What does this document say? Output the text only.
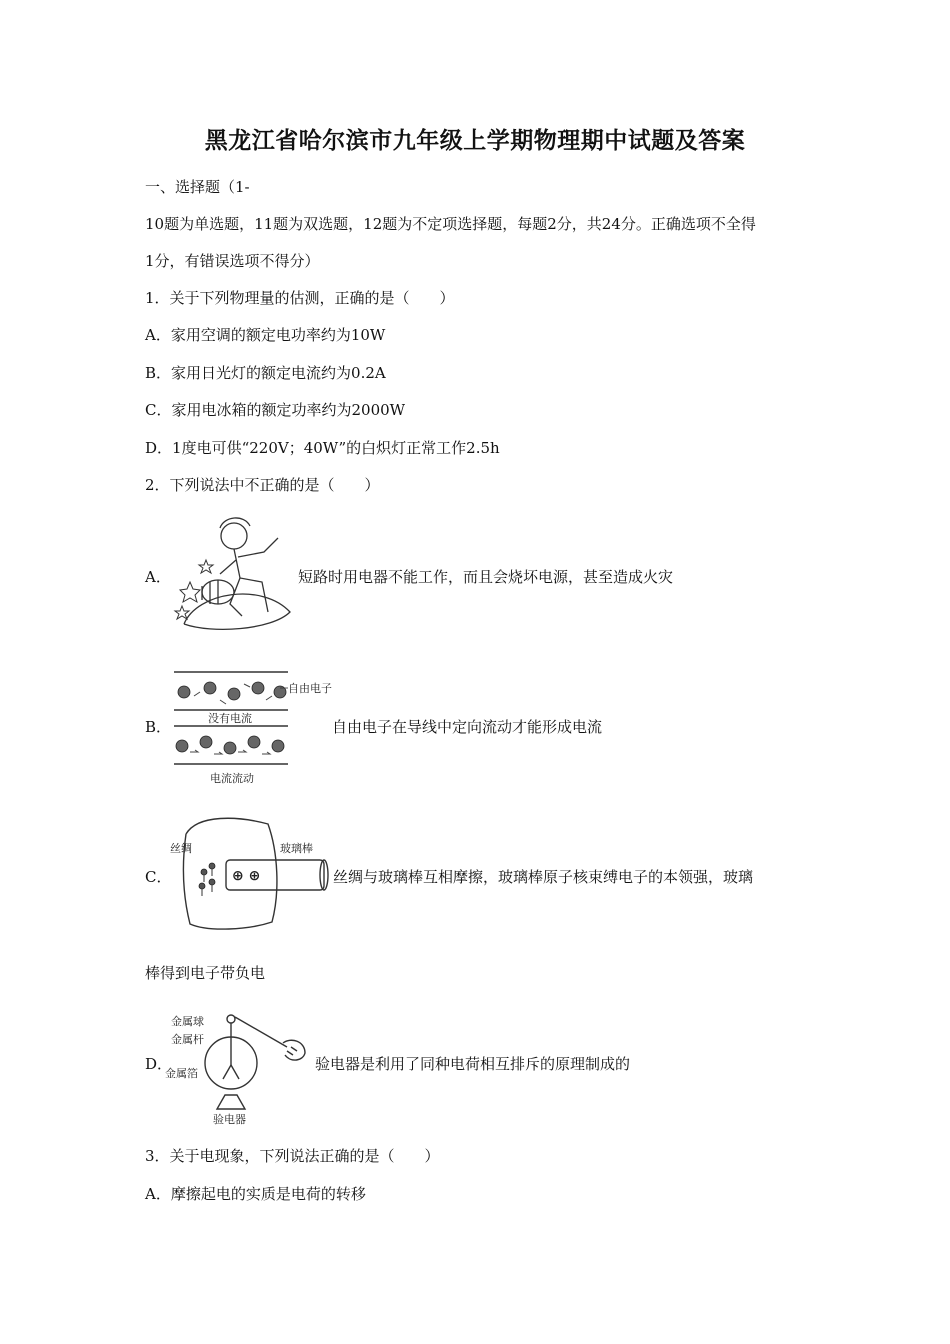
黑龙江省哈尔滨市九年级上学期物理期中试题及答案
一、选择题（1-
10题为单选题，11题为双选题，12题为不定项选择题，每题2分，共24分。正确选项不全得
1分，有错误选项不得分）
1．关于下列物理量的估测，正确的是（　　）
A．家用空调的额定电功率约为10W
B．家用日光灯的额定电流约为0.2A
C．家用电冰箱的额定功率约为2000W
D．1度电可供“220V；40W”的白炽灯正常工作2.5h
2．下列说法中不正确的是（　　）
A．	短路时用电器不能工作，而且会烧坏电源，甚至造成火灾
B．
自由电子
没有电流
电流流动
自由电子在导线中定向流动才能形成电流
C．	⊕ ⊕
丝绸	玻璃棒
丝绸与玻璃棒互相摩擦，玻璃棒原子核束缚电子的本领强，玻璃
棒得到电子带负电
D．
金属球
金属杆
金属箔
验电器
验电器是利用了同种电荷相互排斥的原理制成的
3．关于电现象，下列说法正确的是（　　）
A．摩擦起电的实质是电荷的转移
